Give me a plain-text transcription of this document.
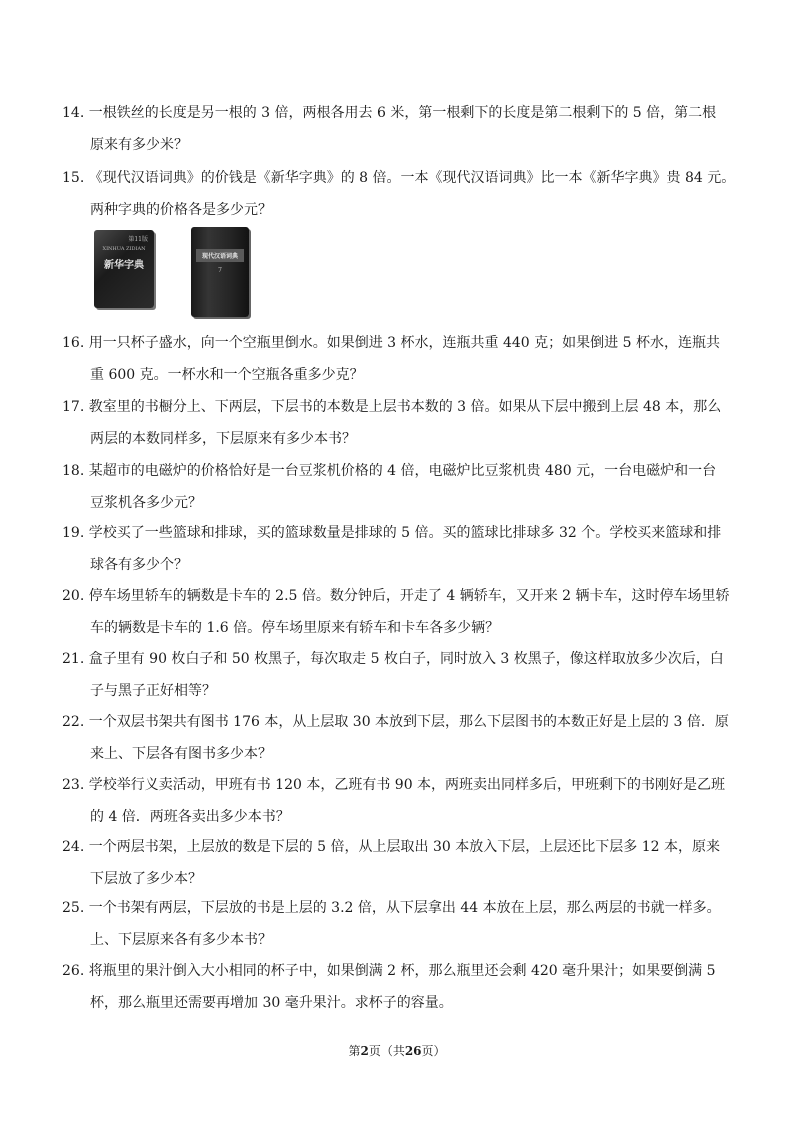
14. 一根铁丝的长度是另一根的 3 倍，两根各用去 6 米，第一根剩下的长度是第二根剩下的 5 倍，第二根
原来有多少米？
15. 《现代汉语词典》的价钱是《新华字典》的 8 倍。一本《现代汉语词典》比一本《新华字典》贵 84 元。
两种字典的价格各是多少元？
第11版
XINHUA ZIDIAN
新华字典
现代汉语词典
7
16. 用一只杯子盛水，向一个空瓶里倒水。如果倒进 3 杯水，连瓶共重 440 克；如果倒进 5 杯水，连瓶共
重 600 克。一杯水和一个空瓶各重多少克？
17. 教室里的书橱分上、下两层，下层书的本数是上层书本数的 3 倍。如果从下层中搬到上层 48 本，那么
两层的本数同样多，下层原来有多少本书？
18. 某超市的电磁炉的价格恰好是一台豆浆机价格的 4 倍，电磁炉比豆浆机贵 480 元，一台电磁炉和一台
豆浆机各多少元？
19. 学校买了一些篮球和排球，买的篮球数量是排球的 5 倍。买的篮球比排球多 32 个。学校买来篮球和排
球各有多少个？
20. 停车场里轿车的辆数是卡车的 2.5 倍。数分钟后，开走了 4 辆轿车，又开来 2 辆卡车，这时停车场里轿
车的辆数是卡车的 1.6 倍。停车场里原来有轿车和卡车各多少辆？
21. 盒子里有 90 枚白子和 50 枚黑子，每次取走 5 枚白子，同时放入 3 枚黑子，像这样取放多少次后，白
子与黑子正好相等？
22. 一个双层书架共有图书 176 本，从上层取 30 本放到下层，那么下层图书的本数正好是上层的 3 倍．原
来上、下层各有图书多少本？
23. 学校举行义卖活动，甲班有书 120 本，乙班有书 90 本，两班卖出同样多后，甲班剩下的书刚好是乙班
的 4 倍．两班各卖出多少本书？
24. 一个两层书架，上层放的数是下层的 5 倍，从上层取出 30 本放入下层，上层还比下层多 12 本，原来
下层放了多少本？
25. 一个书架有两层，下层放的书是上层的 3.2 倍，从下层拿出 44 本放在上层，那么两层的书就一样多。
上、下层原来各有多少本书？
26. 将瓶里的果汁倒入大小相同的杯子中，如果倒满 2 杯，那么瓶里还会剩 420 毫升果汁；如果要倒满 5
杯，那么瓶里还需要再增加 30 毫升果汁。求杯子的容量。
第2页（共26页）
